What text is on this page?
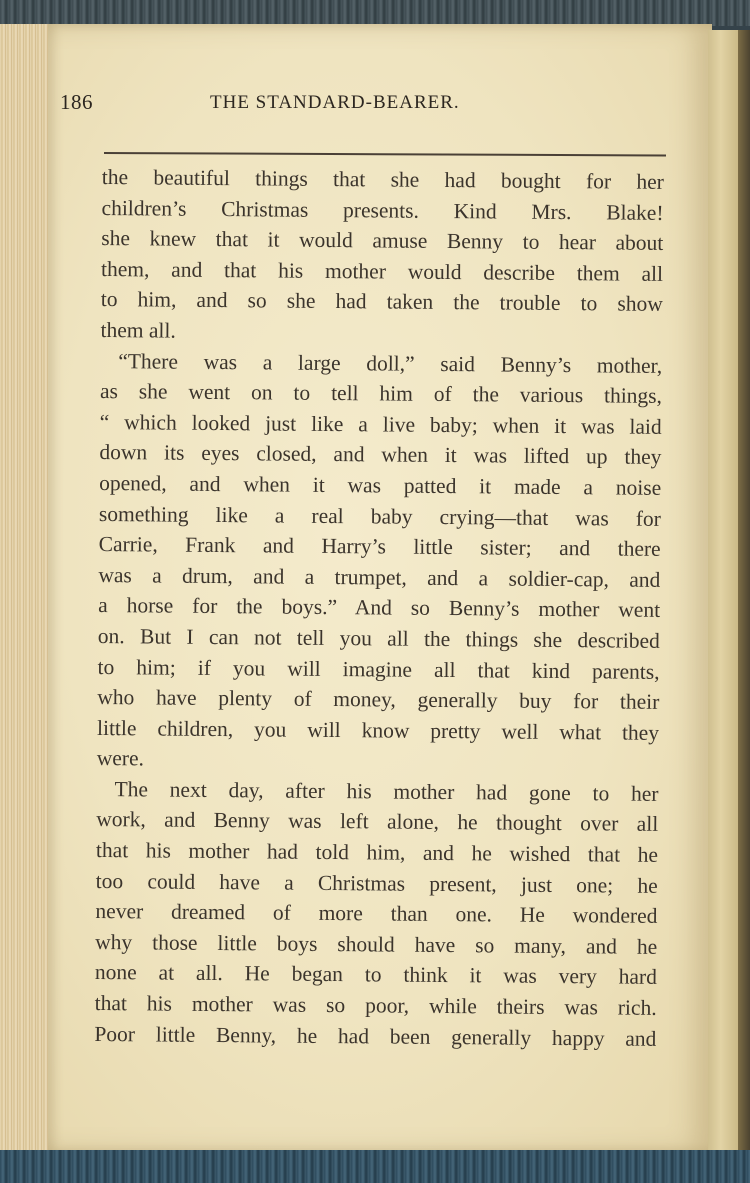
186	THE STANDARD-BEARER.
the beautiful things that she had bought for her
children’s Christmas presents. Kind Mrs. Blake!
she knew that it would amuse Benny to hear about
them, and that his mother would describe them all
to him, and so she had taken the trouble to show
them all.
“There was a large doll,” said Benny’s mother,
as she went on to tell him of the various things,
“ which looked just like a live baby; when it was laid
down its eyes closed, and when it was lifted up they
opened, and when it was patted it made a noise
something like a real baby crying—that was for
Carrie, Frank and Harry’s little sister; and there
was a drum, and a trumpet, and a soldier-cap, and
a horse for the boys.” And so Benny’s mother went
on. But I can not tell you all the things she described
to him; if you will imagine all that kind parents,
who have plenty of money, generally buy for their
little children, you will know pretty well what they
were.
The next day, after his mother had gone to her
work, and Benny was left alone, he thought over all
that his mother had told him, and he wished that he
too could have a Christmas present, just one; he
never dreamed of more than one. He wondered
why those little boys should have so many, and he
none at all. He began to think it was very hard
that his mother was so poor, while theirs was rich.
Poor little Benny, he had been generally happy and
